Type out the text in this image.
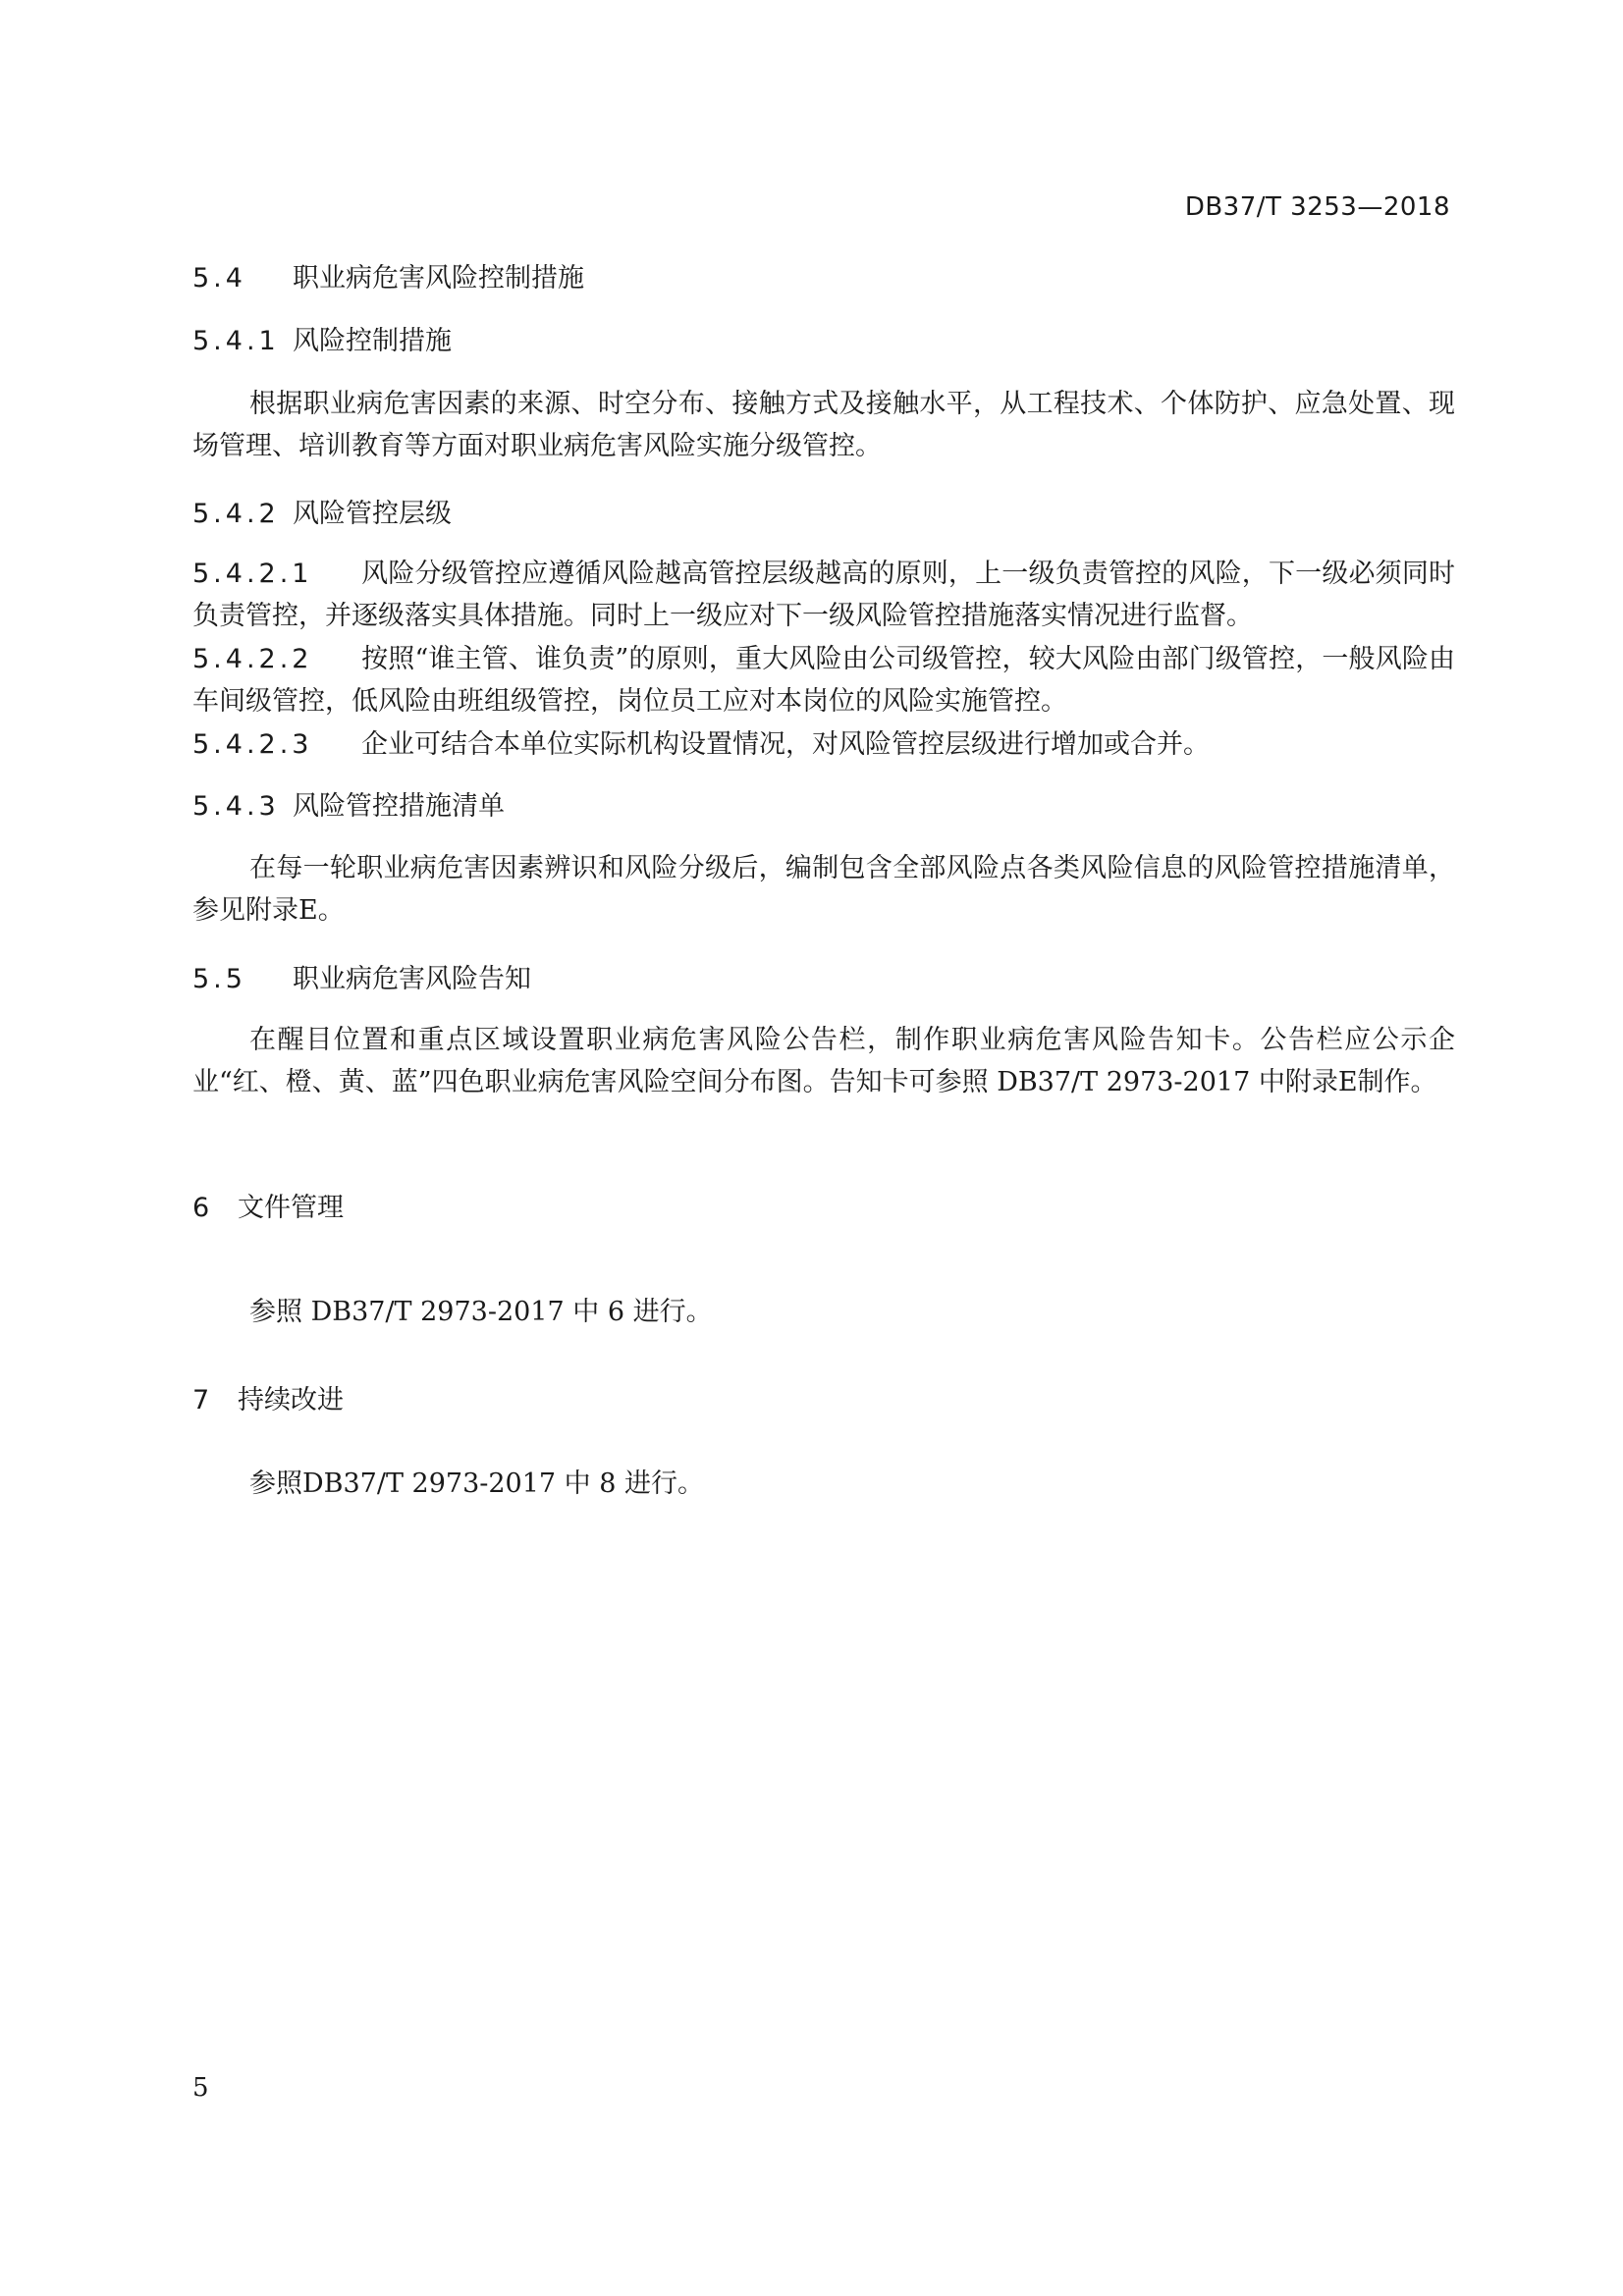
DB37/T 3253—2018
5.4 职业病危害风险控制措施
5.4.1 风险控制措施

根据职业病危害因素的来源、时空分布、接触方式及接触水平，从工程技术、个体防护、应急处置、现场管理、培训教育等方面对职业病危害风险实施分级管控。

5.4.2 风险管控层级

5.4.2.1 风险分级管控应遵循风险越高管控层级越高的原则，上一级负责管控的风险，下一级必须同时负责管控，并逐级落实具体措施。同时上一级应对下一级风险管控措施落实情况进行监督。

5.4.2.2 按照“谁主管、谁负责”的原则，重大风险由公司级管控，较大风险由部门级管控，一般风险由车间级管控，低风险由班组级管控，岗位员工应对本岗位的风险实施管控。

5.4.2.3 企业可结合本单位实际机构设置情况，对风险管控层级进行增加或合并。

5.4.3 风险管控措施清单

在每一轮职业病危害因素辨识和风险分级后，编制包含全部风险点各类风险信息的风险管控措施清单，参见附录E。

5.5 职业病危害风险告知

在醒目位置和重点区域设置职业病危害风险公告栏，制作职业病危害风险告知卡。公告栏应公示企业“红、橙、黄、蓝”四色职业病危害风险空间分布图。告知卡可参照 DB37/T 2973-2017 中附录E制作。

6 文件管理

参照 DB37/T 2973-2017 中 6 进行。

7 持续改进

参照DB37/T 2973-2017 中 8 进行。

5
